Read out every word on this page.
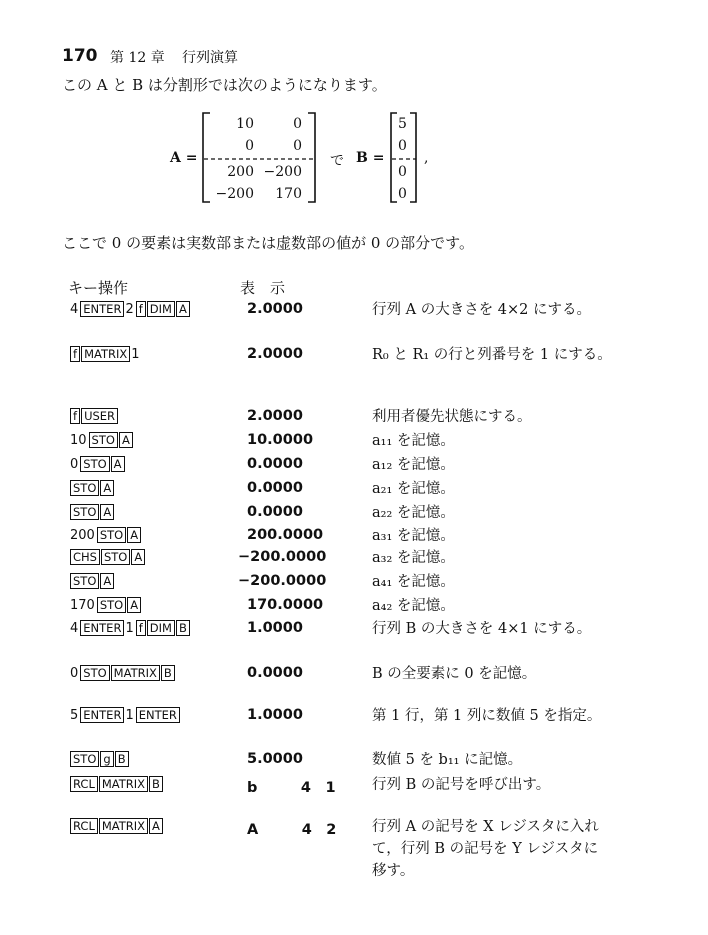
170 第 12 章 行列演算
この A と B は分割形では次のようになります。
A =
10	0
0	0
200 −200
−200	170
で B =
5
0
0
0
,
ここで 0 の要素は実数部または虚数部の値が 0 の部分です。
キー操作	表　示
4 ENTER 2 f DIM A	2.0000	行列 A の大きさを 4×2 にする。
f MATRIX 1	2.0000	R₀ と R₁ の行と列番号を 1 にする。
f USER	2.0000	利用者優先状態にする。
10 STO A	10.0000	a₁₁ を記憶。
0 STO A	0.0000	a₁₂ を記憶。
STO A	0.0000	a₂₁ を記憶。
STO A	0.0000	a₂₂ を記憶。
200 STO A	200.0000	a₃₁ を記憶。
CHS STO A	−200.0000	a₃₂ を記憶。
STO A	−200.0000	a₄₁ を記憶。
170 STO A	170.0000	a₄₂ を記憶。
4 ENTER 1 f DIM B	1.0000	行列 B の大きさを 4×1 にする。
0 STO MATRIX B	0.0000	B の全要素に 0 を記憶。
5 ENTER 1 ENTER	1.0000	第 1 行，第 1 列に数値 5 を指定。
STO g B	5.0000	数値 5 を b₁₁ に記憶。
RCL MATRIX B	b　　　4　1	行列 B の記号を呼び出す。
RCL MATRIX A	A　　　4　2 行列 A の記号を X レジスタに入れて，行列 B の記号を Y レジスタに移す。
